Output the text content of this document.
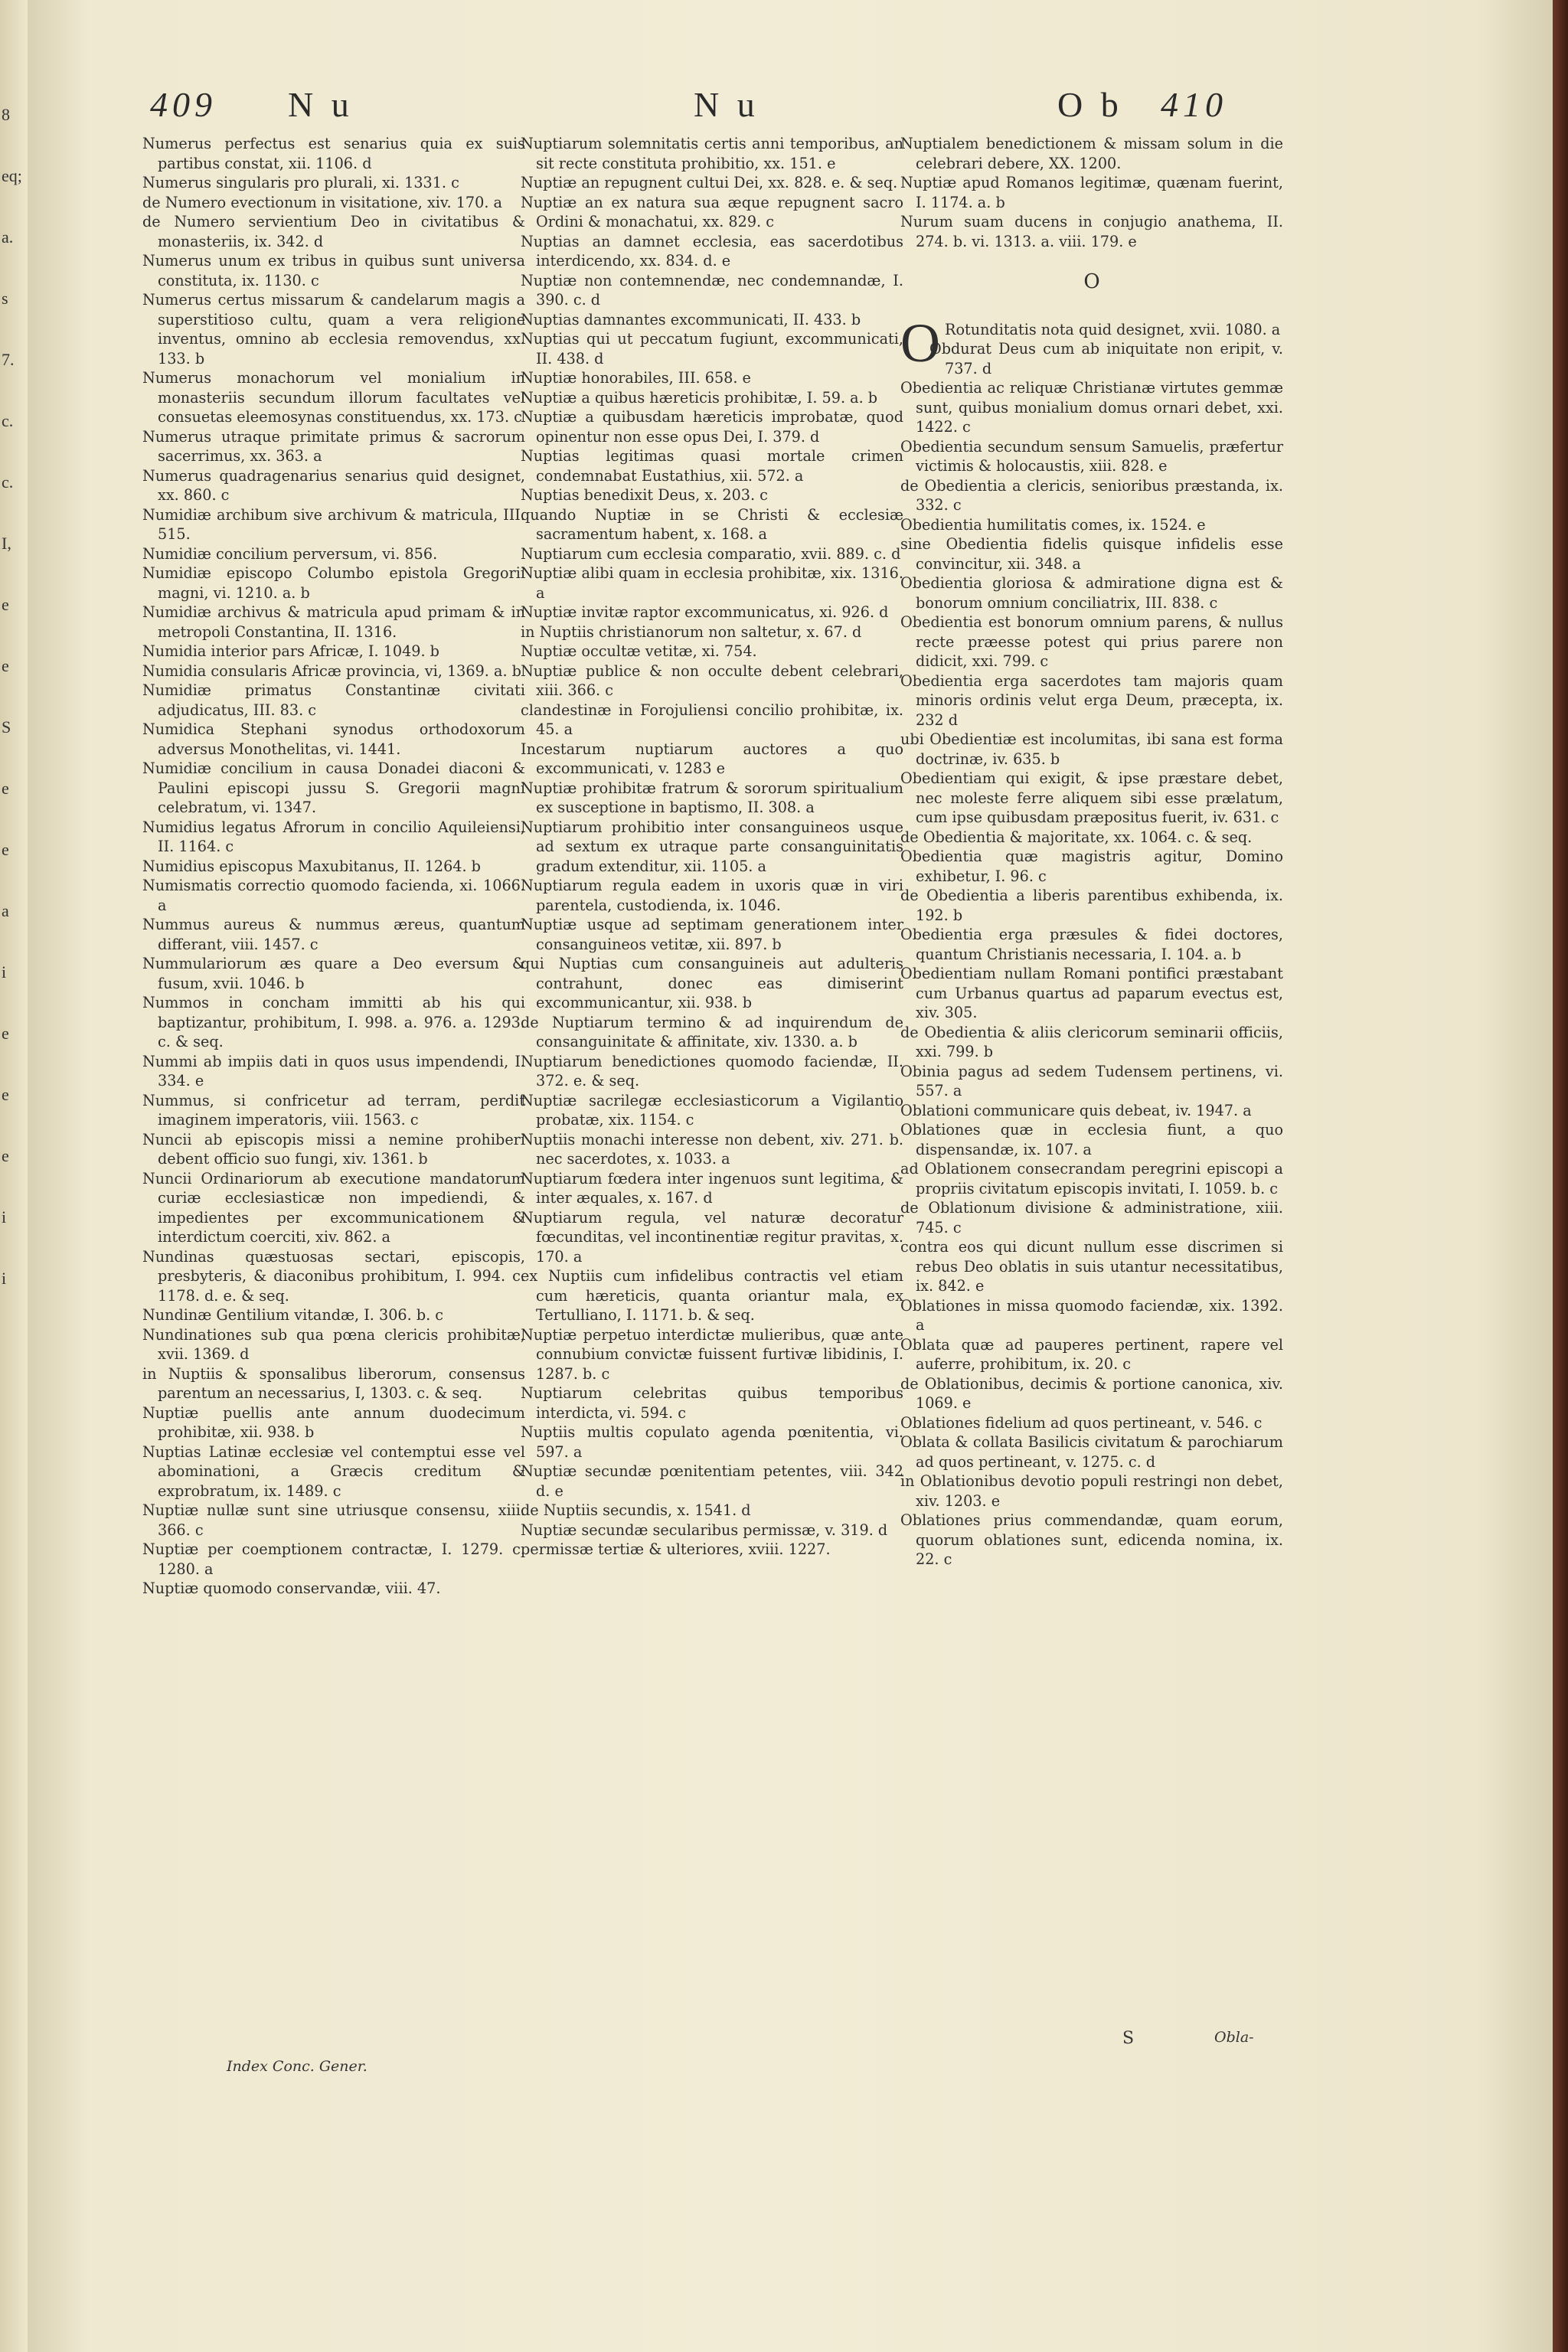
8
eq;
a.
s
7.
c.
c.
I,
e
e
S
e
e
a
i
e
e
e
i
i
409 N u	N u	O b 410

Numerus perfectus est senarius quia ex suis partibus constat, xii. 1106. d

Numerus singularis pro plurali, xi. 1331. c

de Numero evectionum in visitatione, xiv. 170. a

de Numero servientium Deo in civitatibus & monasteriis, ix. 342. d

Numerus unum ex tribus in quibus sunt universa constituta, ix. 1130. c

Numerus certus missarum & candelarum magis a superstitioso cultu, quam a vera religione inventus, omnino ab ecclesia removendus, xx. 133. b

Numerus monachorum vel monialium in monasteriis secundum illorum facultates vel consuetas eleemosynas constituendus, xx. 173. c

Numerus utraque primitate primus & sacrorum sacerrimus, xx. 363. a

Numerus quadragenarius senarius quid designet, xx. 860. c

Numidiæ archibum sive archivum & matricula, III. 515.

Numidiæ concilium perversum, vi. 856.

Numidiæ episcopo Columbo epistola Gregorii magni, vi. 1210. a. b

Numidiæ archivus & matricula apud primam & in metropoli Constantina, II. 1316.

Numidia interior pars Africæ, I. 1049. b

Numidia consularis Africæ provincia, vi, 1369. a. b

Numidiæ primatus Constantinæ civitati adjudicatus, III. 83. c

Numidica Stephani synodus orthodoxorum adversus Monothelitas, vi. 1441.

Numidiæ concilium in causa Donadei diaconi & Paulini episcopi jussu S. Gregorii magni celebratum, vi. 1347.

Numidius legatus Afrorum in concilio Aquileiensi, II. 1164. c

Numidius episcopus Maxubitanus, II. 1264. b

Numismatis correctio quomodo facienda, xi. 1066. a

Nummus aureus & nummus æreus, quantum differant, viii. 1457. c

Nummulariorum æs quare a Deo eversum & fusum, xvii. 1046. b

Nummos in concham immitti ab his qui baptizantur, prohibitum, I. 998. a. 976. a. 1293. c. & seq.

Nummi ab impiis dati in quos usus impendendi, I. 334. e

Nummus, si confricetur ad terram, perdit imaginem imperatoris, viii. 1563. c

Nuncii ab episcopis missi a nemine prohiberi debent officio suo fungi, xiv. 1361. b

Nuncii Ordinariorum ab executione mandatorum curiæ ecclesiasticæ non impediendi, & impedientes per excommunicationem & interdictum coerciti, xiv. 862. a

Nundinas quæstuosas sectari, episcopis, presbyteris, & diaconibus prohibitum, I. 994. c. 1178. d. e. & seq.

Nundinæ Gentilium vitandæ, I. 306. b. c

Nundinationes sub qua pœna clericis prohibitæ, xvii. 1369. d

in Nuptiis & sponsalibus liberorum, consensus parentum an necessarius, I, 1303. c. & seq.

Nuptiæ puellis ante annum duodecimum prohibitæ, xii. 938. b

Nuptias Latinæ ecclesiæ vel contemptui esse vel abominationi, a Græcis creditum & exprobratum, ix. 1489. c

Nuptiæ nullæ sunt sine utriusque consensu, xiii. 366. c

Nuptiæ per coemptionem contractæ, I. 1279. c. 1280. a

Nuptiæ quomodo conservandæ, viii. 47.

Nuptiarum solemnitatis certis anni temporibus, an sit recte constituta prohibitio, xx. 151. e

Nuptiæ an repugnent cultui Dei, xx. 828. e. & seq.

Nuptiæ an ex natura sua æque repugnent sacro Ordini & monachatui, xx. 829. c

Nuptias an damnet ecclesia, eas sacerdotibus interdicendo, xx. 834. d. e

Nuptiæ non contemnendæ, nec condemnandæ, I. 390. c. d

Nuptias damnantes excommunicati, II. 433. b

Nuptias qui ut peccatum fugiunt, excommunicati, II. 438. d

Nuptiæ honorabiles, III. 658. e

Nuptiæ a quibus hæreticis prohibitæ, I. 59. a. b

Nuptiæ a quibusdam hæreticis improbatæ, quod opinentur non esse opus Dei, I. 379. d

Nuptias legitimas quasi mortale crimen condemnabat Eustathius, xii. 572. a

Nuptias benedixit Deus, x. 203. c

quando Nuptiæ in se Christi & ecclesiæ sacramentum habent, x. 168. a

Nuptiarum cum ecclesia comparatio, xvii. 889. c. d

Nuptiæ alibi quam in ecclesia prohibitæ, xix. 1316. a

Nuptiæ invitæ raptor excommunicatus, xi. 926. d

in Nuptiis christianorum non saltetur, x. 67. d

Nuptiæ occultæ vetitæ, xi. 754.

Nuptiæ publice & non occulte debent celebrari, xiii. 366. c

clandestinæ in Forojuliensi concilio prohibitæ, ix. 45. a

Incestarum nuptiarum auctores a quo excommunicati, v. 1283 e

Nuptiæ prohibitæ fratrum & sororum spiritualium ex susceptione in baptismo, II. 308. a

Nuptiarum prohibitio inter consanguineos usque ad sextum ex utraque parte consanguinitatis gradum extenditur, xii. 1105. a

Nuptiarum regula eadem in uxoris quæ in viri parentela, custodienda, ix. 1046.

Nuptiæ usque ad septimam generationem inter consanguineos vetitæ, xii. 897. b

qui Nuptias cum consanguineis aut adulteris contrahunt, donec eas dimiserint excommunicantur, xii. 938. b

de Nuptiarum termino & ad inquirendum de consanguinitate & affinitate, xiv. 1330. a. b

Nuptiarum benedictiones quomodo faciendæ, II. 372. e. & seq.

Nuptiæ sacrilegæ ecclesiasticorum a Vigilantio probatæ, xix. 1154. c

Nuptiis monachi interesse non debent, xiv. 271. b. nec sacerdotes, x. 1033. a

Nuptiarum fœdera inter ingenuos sunt legitima, & inter æquales, x. 167. d

Nuptiarum regula, vel naturæ decoratur fœcunditas, vel incontinentiæ regitur pravitas, x. 170. a

ex Nuptiis cum infidelibus contractis vel etiam cum hæreticis, quanta oriantur mala, ex Tertulliano, I. 1171. b. & seq.

Nuptiæ perpetuo interdictæ mulieribus, quæ ante connubium convictæ fuissent furtivæ libidinis, I. 1287. b. c

Nuptiarum celebritas quibus temporibus interdicta, vi. 594. c

Nuptiis multis copulato agenda pœnitentia, vi. 597. a

Nuptiæ secundæ pœnitentiam petentes, viii. 342 d. e

de Nuptiis secundis, x. 1541. d

Nuptiæ secundæ secularibus permissæ, v. 319. d

permissæ tertiæ & ulteriores, xviii. 1227.

Nuptialem benedictionem & missam solum in die celebrari debere, XX. 1200.

Nuptiæ apud Romanos legitimæ, quænam fuerint, I. 1174. a. b

Nurum suam ducens in conjugio anathema, II. 274. b. vi. 1313. a. viii. 179. e

O

O Rotunditatis nota quid designet, xvii. 1080. a

Obdurat Deus cum ab iniquitate non eripit, v. 737. d

Obedientia ac reliquæ Christianæ virtutes gemmæ sunt, quibus monialium domus ornari debet, xxi. 1422. c

Obedientia secundum sensum Samuelis, præfertur victimis & holocaustis, xiii. 828. e

de Obedientia a clericis, senioribus præstanda, ix. 332. c

Obedientia humilitatis comes, ix. 1524. e

sine Obedientia fidelis quisque infidelis esse convincitur, xii. 348. a

Obedientia gloriosa & admiratione digna est & bonorum omnium conciliatrix, III. 838. c

Obedientia est bonorum omnium parens, & nullus recte præesse potest qui prius parere non didicit, xxi. 799. c

Obedientia erga sacerdotes tam majoris quam minoris ordinis velut erga Deum, præcepta, ix. 232 d

ubi Obedientiæ est incolumitas, ibi sana est forma doctrinæ, iv. 635. b

Obedientiam qui exigit, & ipse præstare debet, nec moleste ferre aliquem sibi esse prælatum, cum ipse quibusdam præpositus fuerit, iv. 631. c

de Obedientia & majoritate, xx. 1064. c. & seq.

Obedientia quæ magistris agitur, Domino exhibetur, I. 96. c

de Obedientia a liberis parentibus exhibenda, ix. 192. b

Obedientia erga præsules & fidei doctores, quantum Christianis necessaria, I. 104. a. b

Obedientiam nullam Romani pontifici præstabant cum Urbanus quartus ad paparum evectus est, xiv. 305.

de Obedientia & aliis clericorum seminarii officiis, xxi. 799. b

Obinia pagus ad sedem Tudensem pertinens, vi. 557. a

Oblationi communicare quis debeat, iv. 1947. a

Oblationes quæ in ecclesia fiunt, a quo dispensandæ, ix. 107. a

ad Oblationem consecrandam peregrini episcopi a propriis civitatum episcopis invitati, I. 1059. b. c

de Oblationum divisione & administratione, xiii. 745. c

contra eos qui dicunt nullum esse discrimen si rebus Deo oblatis in suis utantur necessitatibus, ix. 842. e

Oblationes in missa quomodo faciendæ, xix. 1392. a

Oblata quæ ad pauperes pertinent, rapere vel auferre, prohibitum, ix. 20. c

de Oblationibus, decimis & portione canonica, xiv. 1069. e

Oblationes fidelium ad quos pertineant, v. 546. c

Oblata & collata Basilicis civitatum & parochiarum ad quos pertineant, v. 1275. c. d

in Oblationibus devotio populi restringi non debet, xiv. 1203. e

Oblationes prius commendandæ, quam eorum, quorum oblationes sunt, edicenda nomina, ix. 22. c

Index Conc. Gener.
S	Obla-
